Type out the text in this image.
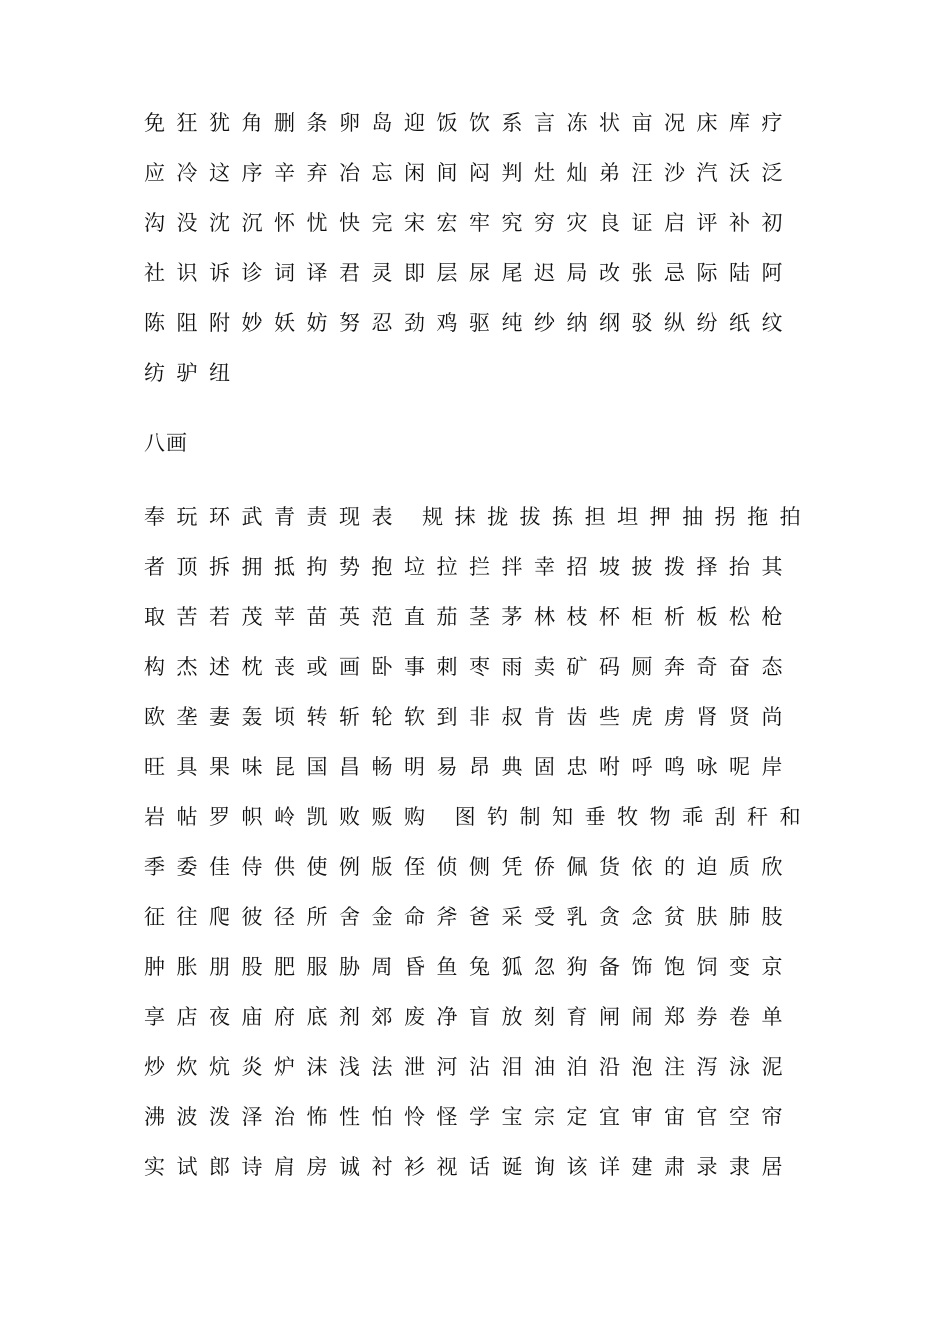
免狂犹角删条卵岛迎饭饮系言冻状亩况床库疗
应冷这序辛弃冶忘闲间闷判灶灿弟汪沙汽沃泛
沟没沈沉怀忧快完宋宏牢究穷灾良证启评补初
社识诉诊词译君灵即层尿尾迟局改张忌际陆阿
陈阻附妙妖妨努忍劲鸡驱纯纱纳纲驳纵纷纸纹
纺驴纽
八画
奉玩环武青责现表 规抹拢拔拣担坦押抽拐拖拍
者顶拆拥抵拘势抱垃拉拦拌幸招坡披拨择抬其
取苦若茂苹苗英范直茄茎茅林枝杯柜析板松枪
构杰述枕丧或画卧事刺枣雨卖矿码厕奔奇奋态
欧垄妻轰顷转斩轮软到非叔肯齿些虎虏肾贤尚
旺具果味昆国昌畅明易昂典固忠咐呼鸣咏呢岸
岩帖罗帜岭凯败贩购 图钓制知垂牧物乖刮秆和
季委佳侍供使例版侄侦侧凭侨佩货依的迫质欣
征往爬彼径所舍金命斧爸采受乳贪念贫肤肺肢
肿胀朋股肥服胁周昏鱼兔狐忽狗备饰饱饲变京
享店夜庙府底剂郊废净盲放刻育闸闹郑券卷单
炒炊炕炎炉沫浅法泄河沾泪油泊沿泡注泻泳泥
沸波泼泽治怖性怕怜怪学宝宗定宜审宙官空帘
实试郎诗肩房诚衬衫视话诞询该详建肃录隶居
